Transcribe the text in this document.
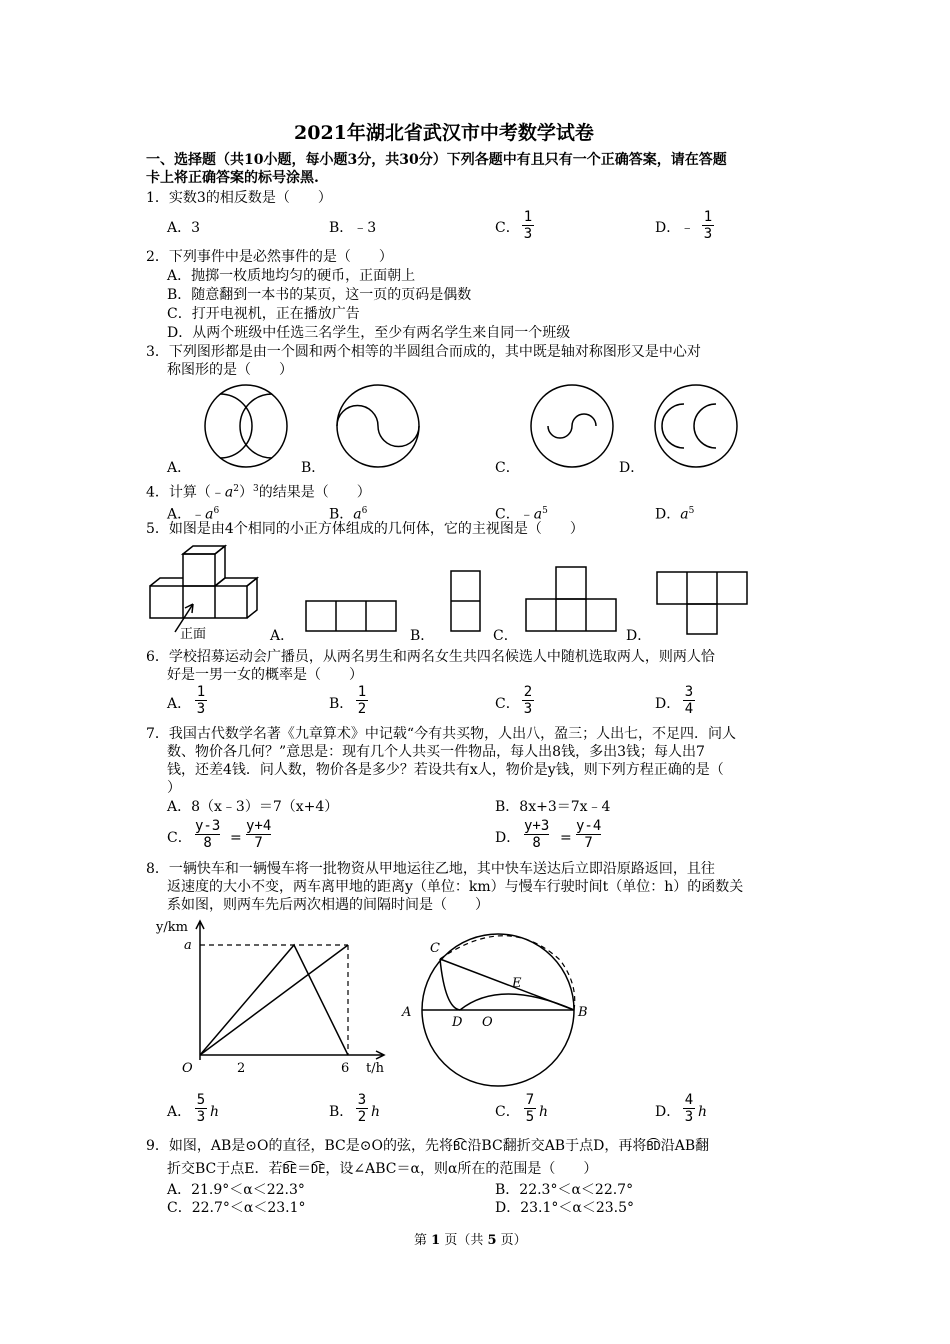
2021年湖北省武汉市中考数学试卷
一、选择题（共10小题，每小题3分，共30分）下列各题中有且只有一个正确答案，请在答题
卡上将正确答案的标号涂黑.
1．实数3的相反数是（　　）
A．3	B．﹣3	C．
1
3	D．﹣
1
3
2．下列事件中是必然事件的是（　　）
A．抛掷一枚质地均匀的硬币，正面朝上
B．随意翻到一本书的某页，这一页的页码是偶数
C．打开电视机，正在播放广告
D．从两个班级中任选三名学生，至少有两名学生来自同一个班级
3．下列图形都是由一个圆和两个相等的半圆组合而成的，其中既是轴对称图形又是中心对
称图形的是（　　）
A．	B．	C．	D．
4．计算$(﹣a^2)^3$的结果是（　　）
A．$﹣a^6$	B．$a^6$	C．$﹣a^5$	D．$a^5$
5．如图是由4个相同的小正方体组成的几何体，它的主视图是（　　）
正面	A．	B．	C．	D．
6．学校招募运动会广播员，从两名男生和两名女生共四名候选人中随机选取两人，则两人恰
好是一男一女的概率是（　　）
A．
1
3	B．
1
2	C．
2
3	D．
3
4
7．我国古代数学名著《九章算术》中记载“今有共买物，人出八，盈三；人出七，不足四．问人
数、物价各几何？”意思是：现有几个人共买一件物品，每人出8钱，多出3钱；每人出7
钱，还差4钱．问人数，物价各是多少？若设共有x人，物价是y钱，则下列方程正确的是（
）
A．8（x﹣3）＝7（x+4）	B．8x+3＝7x﹣4
C．
y-3
8 =
y+4
7	D．
y+3
8 =
y-4
7
8．一辆快车和一辆慢车将一批物资从甲地运往乙地，其中快车送达后立即沿原路返回，且往
返速度的大小不变，两车离甲地的距离y（单位：km）与慢车行驶时间t（单位：h）的函数关
系如图，则两车先后两次相遇的间隔时间是（　　）
y/km
a
O	2	6 t/h
C
E
A
D O
B
A．
5
3 h	B．
3
2 h	C．
7
5 h	D．
4
3 h
9．如图，AB是⊙O的直径，BC是⊙O的弦，先将BC沿BC翻折交AB于点D，再将BD沿AB翻
折交BC于点E．若BE＝DE，设∠ABC＝α，则α所在的范围是（　　）
A．21.9°＜α＜22.3°	B．22.3°＜α＜22.7°
C．22.7°＜α＜23.1°	D．23.1°＜α＜23.5°
第 1 页（共 5 页）
